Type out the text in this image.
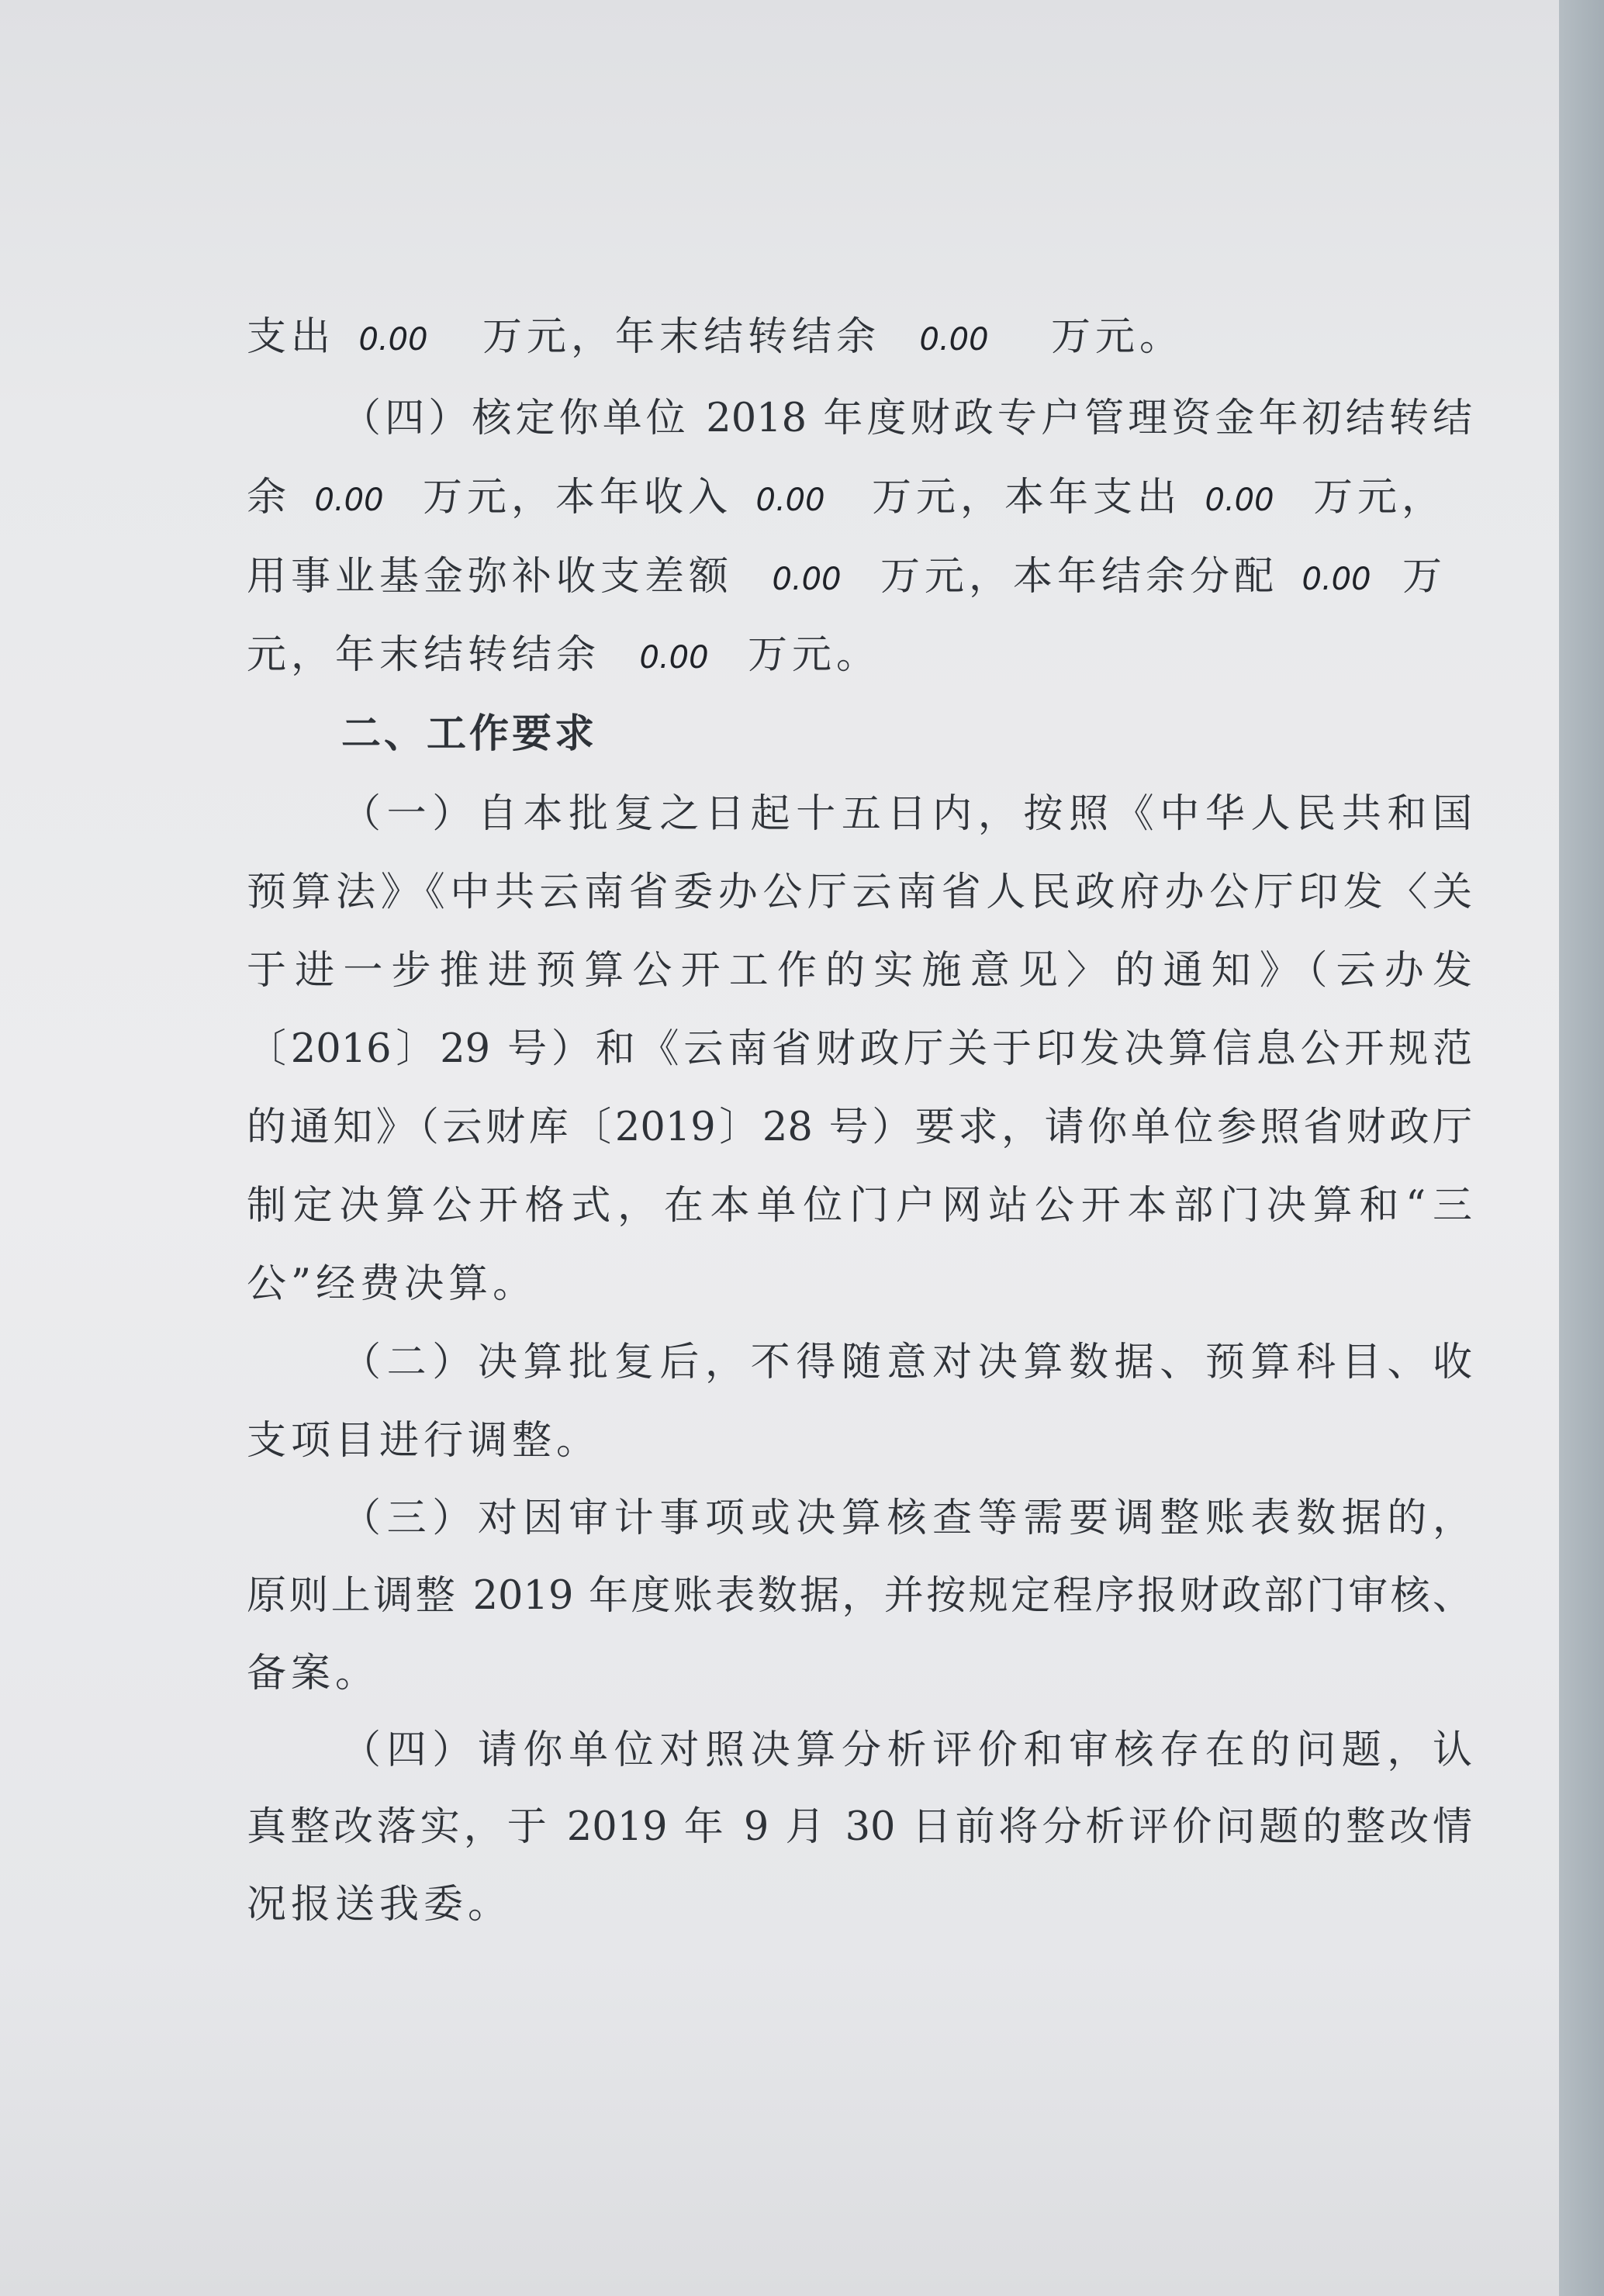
支出 0.00 万元，年末结转结余 0.00 万元。
（四）核定你单位 2018 年度财政专户管理资金年初结转结
余 0.00 万元，本年收入 0.00 万元，本年支出 0.00 万元，
用事业基金弥补收支差额 0.00 万元，本年结余分配 0.00 万
元，年末结转结余 0.00 万元。
二、工作要求
（一）自本批复之日起十五日内，按照《中华人民共和国
预算法》《中共云南省委办公厅云南省人民政府办公厅印发〈关
于进一步推进预算公开工作的实施意见〉的通知》（云办发
〔2016〕29 号）和《云南省财政厅关于印发决算信息公开规范
的通知》（云财库〔2019〕28 号）要求，请你单位参照省财政厅
制定决算公开格式，在本单位门户网站公开本部门决算和“三
公”经费决算。
（二）决算批复后，不得随意对决算数据、预算科目、收
支项目进行调整。
（三）对因审计事项或决算核查等需要调整账表数据的，
原则上调整 2019 年度账表数据，并按规定程序报财政部门审核、
备案。
（四）请你单位对照决算分析评价和审核存在的问题，认
真整改落实，于 2019 年 9 月 30 日前将分析评价问题的整改情
况报送我委。
